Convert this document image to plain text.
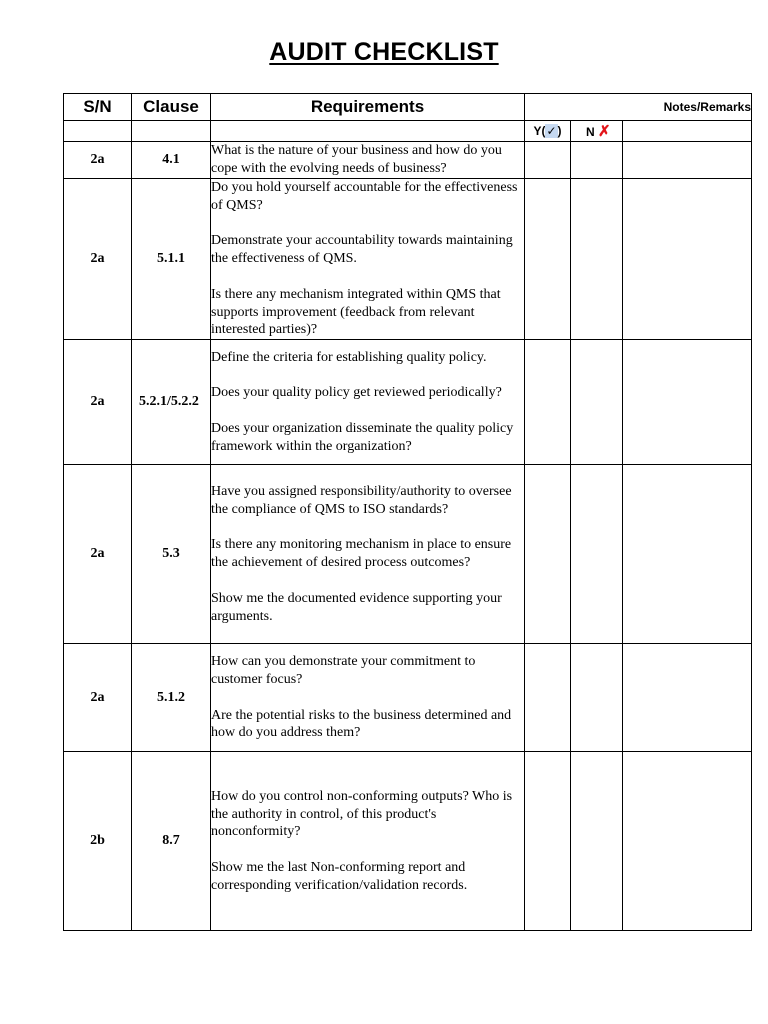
AUDIT CHECKLIST
S/N	Clause	Requirements	Notes/Remarks		
			Y(✓)	N ✗	
2a	4.1	What is the nature of your business and how do you cope with the evolving needs of business?			

2a	5.1.1	Do you hold yourself accountable for the effectiveness of QMS?

Demonstrate your accountability towards maintaining the effectiveness of QMS.

Is there any mechanism integrated within QMS that supports improvement (feedback from relevant interested parties)?			

2a	5.2.1/5.2.2	Define the criteria for establishing quality policy.

Does your quality policy get reviewed periodically?

Does your organization disseminate the quality policy framework within the organization?			

2a	5.3	Have you assigned responsibility/authority to oversee the compliance of QMS to ISO standards?

Is there any monitoring mechanism in place to ensure the achievement of desired process outcomes?

Show me the documented evidence supporting your arguments.			

2a	5.1.2	How can you demonstrate your commitment to customer focus?

Are the potential risks to the business determined and how do you address them?			

2b	8.7	How do you control non-conforming outputs? Who is the authority in control, of this product's nonconformity?

Show me the last Non-conforming report and corresponding verification/validation records.			
